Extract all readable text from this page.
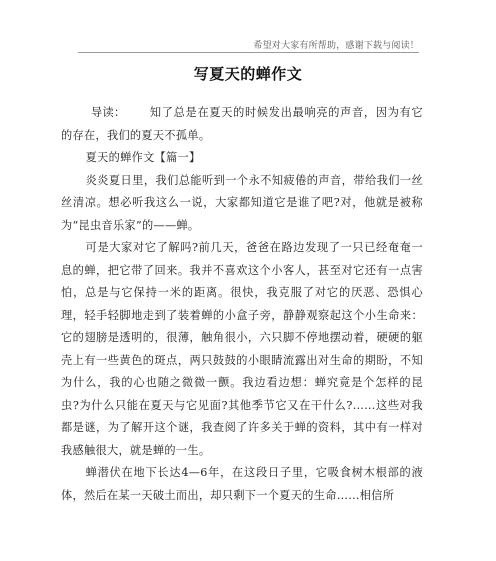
希望对大家有所帮助，感谢下载与阅读！
写夏天的蝉作文

导读： 知了总是在夏天的时候发出最响亮的声音，因为有它的存在，我们的夏天不孤单。

夏天的蝉作文【篇一】

炎炎夏日里，我们总能听到一个永不知疲倦的声音，带给我们一丝丝清凉。想必听我这么一说，大家都知道它是谁了吧?对，他就是被称为“昆虫音乐家”的——蝉。

可是大家对它了解吗?前几天，爸爸在路边发现了一只已经奄奄一息的蝉，把它带了回来。我并不喜欢这个小客人，甚至对它还有一点害怕，总是与它保持一米的距离。很快，我克服了对它的厌恶、恐惧心理，轻手轻脚地走到了装着蝉的小盒子旁，静静观察起这个小生命来：它的翅膀是透明的，很薄，触角很小，六只脚不停地摆动着，硬硬的躯壳上有一些黄色的斑点，两只鼓鼓的小眼睛流露出对生命的期盼，不知为什么，我的心也随之微微一颤。我边看边想：蝉究竟是个怎样的昆虫?为什么只能在夏天与它见面?其他季节它又在干什么?……这些对我都是谜，为了解开这个谜，我查阅了许多关于蝉的资料，其中有一样对我感触很大，就是蝉的一生。

蝉潜伏在地下长达4—6年，在这段日子里，它吸食树木根部的液体，然后在某一天破土而出，却只剩下一个夏天的生命……相信所
